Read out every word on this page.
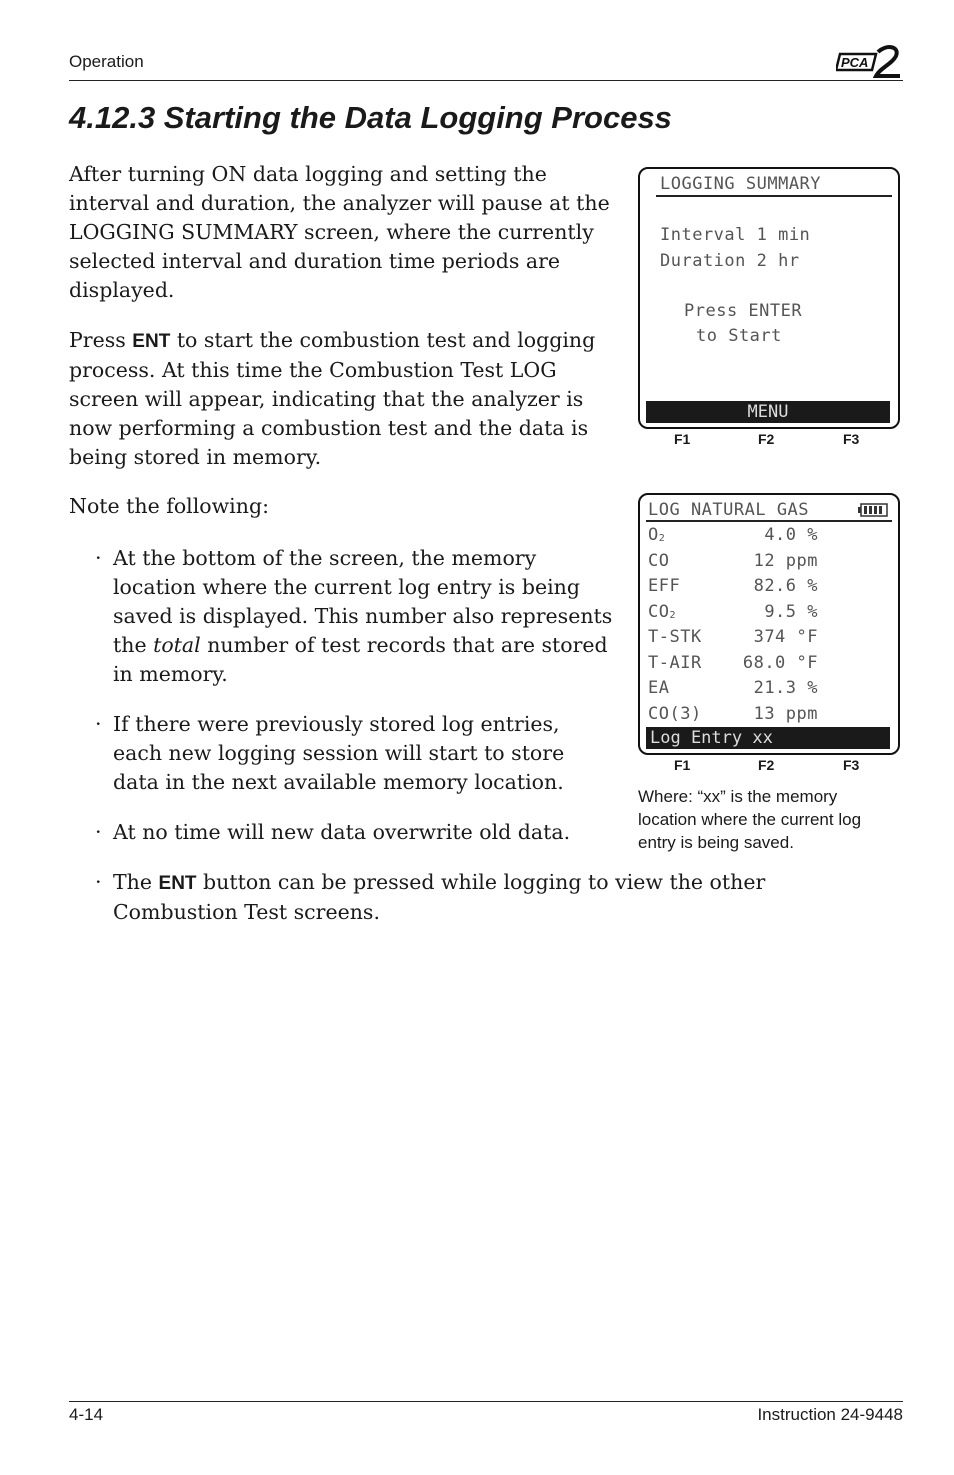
Operation	PCA
4.12.3 Starting the Data Logging Process

After turning ON data logging and setting the interval and duration, the analyzer will pause at the LOGGING SUMMARY screen, where the currently selected interval and duration time periods are displayed.

Press ENT to start the combustion test and logging process. At this time the Combustion Test LOG screen will appear, indicating that the analyzer is now performing a combustion test and the data is being stored in memory.

Note the following:

· At the bottom of the screen, the memory location where the current log entry is being saved is displayed. This number also represents the total number of test records that are stored in memory.
· If there were previously stored log entries, each new logging session will start to store data in the next available memory location.
· At no time will new data overwrite old data.
· The ENT button can be pressed while logging to view the other Combustion Test screens.
LOGGING SUMMARY
Interval 1 min
Duration 2 hr
Press ENTER
to Start
MENU
F1	F2	F3
LOG NATURAL GAS
$O_2$	4.0 %
CO	12 ppm
EFF	82.6 %
$CO_2$	9.5 %
T-STK	374 °F
T-AIR 68.0 °F
EA	21.3 %
CO(3)	13 ppm
Log Entry xx
F1	F2	F3

Where: “xx” is the memory location where the current log entry is being saved.

4-14	Instruction 24-9448
